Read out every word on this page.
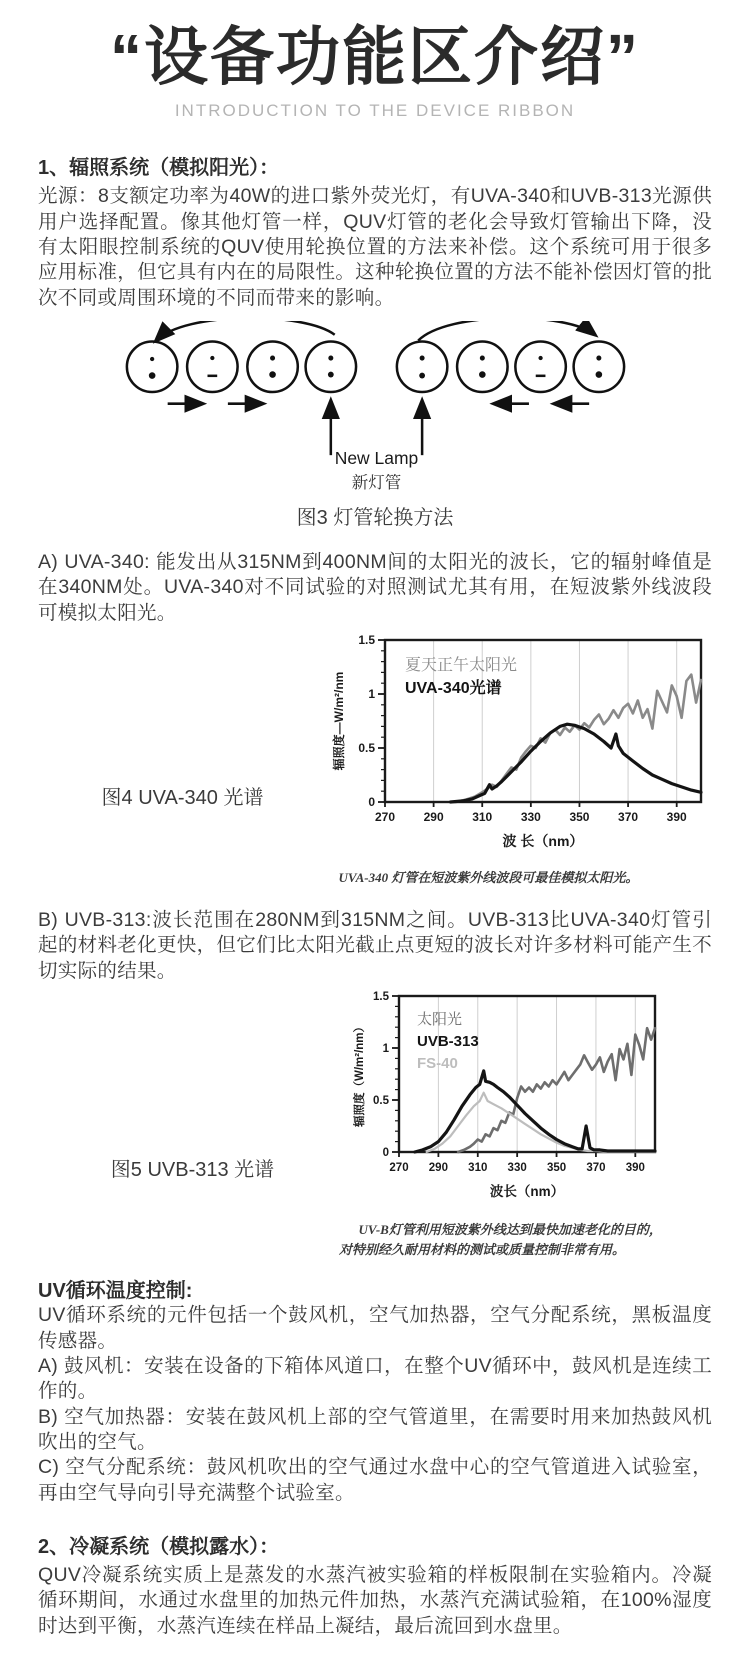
“设备功能区介绍”
INTRODUCTION TO THE DEVICE RIBBON
1、辐照系统（模拟阳光）：

光源：8支额定功率为40W的进口紫外荧光灯，有UVA-340和UVB-313光源供用户选择配置。像其他灯管一样，QUV灯管的老化会导致灯管输出下降，没有太阳眼控制系统的QUV使用轮换位置的方法来补偿。这个系统可用于很多应用标准，但它具有内在的局限性。这种轮换位置的方法不能补偿因灯管的批次不同或周围环境的不同而带来的影响。

New Lamp
新灯管
图3 灯管轮换方法

A) UVA-340: 能发出从315NM到400NM间的太阳光的波长，它的辐射峰值是在340NM处。UVA-340对不同试验的对照测试尤其有用，在短波紫外线波段可模拟太阳光。

图4 UVA-340 光谱	0
0.5
1
1.5
270 290 310 330 350 370 390
夏天正午太阳光
UVA-340光谱
辐照度—W/m²/nm
波 长（nm）
UVA-340 灯管在短波紫外线波段可最佳模拟太阳光。

B) UVB-313:波长范围在280NM到315NM之间。UVB-313比UVA-340灯管引起的材料老化更快，但它们比太阳光截止点更短的波长对许多材料可能产生不切实际的结果。

图5 UVB-313 光谱
0
0.5
1
1.5
270 290 310 330 350 370 390
太阳光
UVB-313
FS-40
辐照度（W/m²/nm）
波长（nm）
UV-B灯管利用短波紫外线达到最快加速老化的目的，对特别经久耐用材料的测试或质量控制非常有用。
UV循环温度控制:

UV循环系统的元件包括一个鼓风机，空气加热器，空气分配系统，黑板温度传感器。

A) 鼓风机：安装在设备的下箱体风道口，在整个UV循环中，鼓风机是连续工作的。

B) 空气加热器：安装在鼓风机上部的空气管道里，在需要时用来加热鼓风机吹出的空气。

C) 空气分配系统：鼓风机吹出的空气通过水盘中心的空气管道进入试验室，再由空气导向引导充满整个试验室。

2、冷凝系统（模拟露水）：

QUV冷凝系统实质上是蒸发的水蒸汽被实验箱的样板限制在实验箱内。冷凝循环期间，水通过水盘里的加热元件加热，水蒸汽充满试验箱，在100%湿度时达到平衡，水蒸汽连续在样品上凝结，最后流回到水盘里。
